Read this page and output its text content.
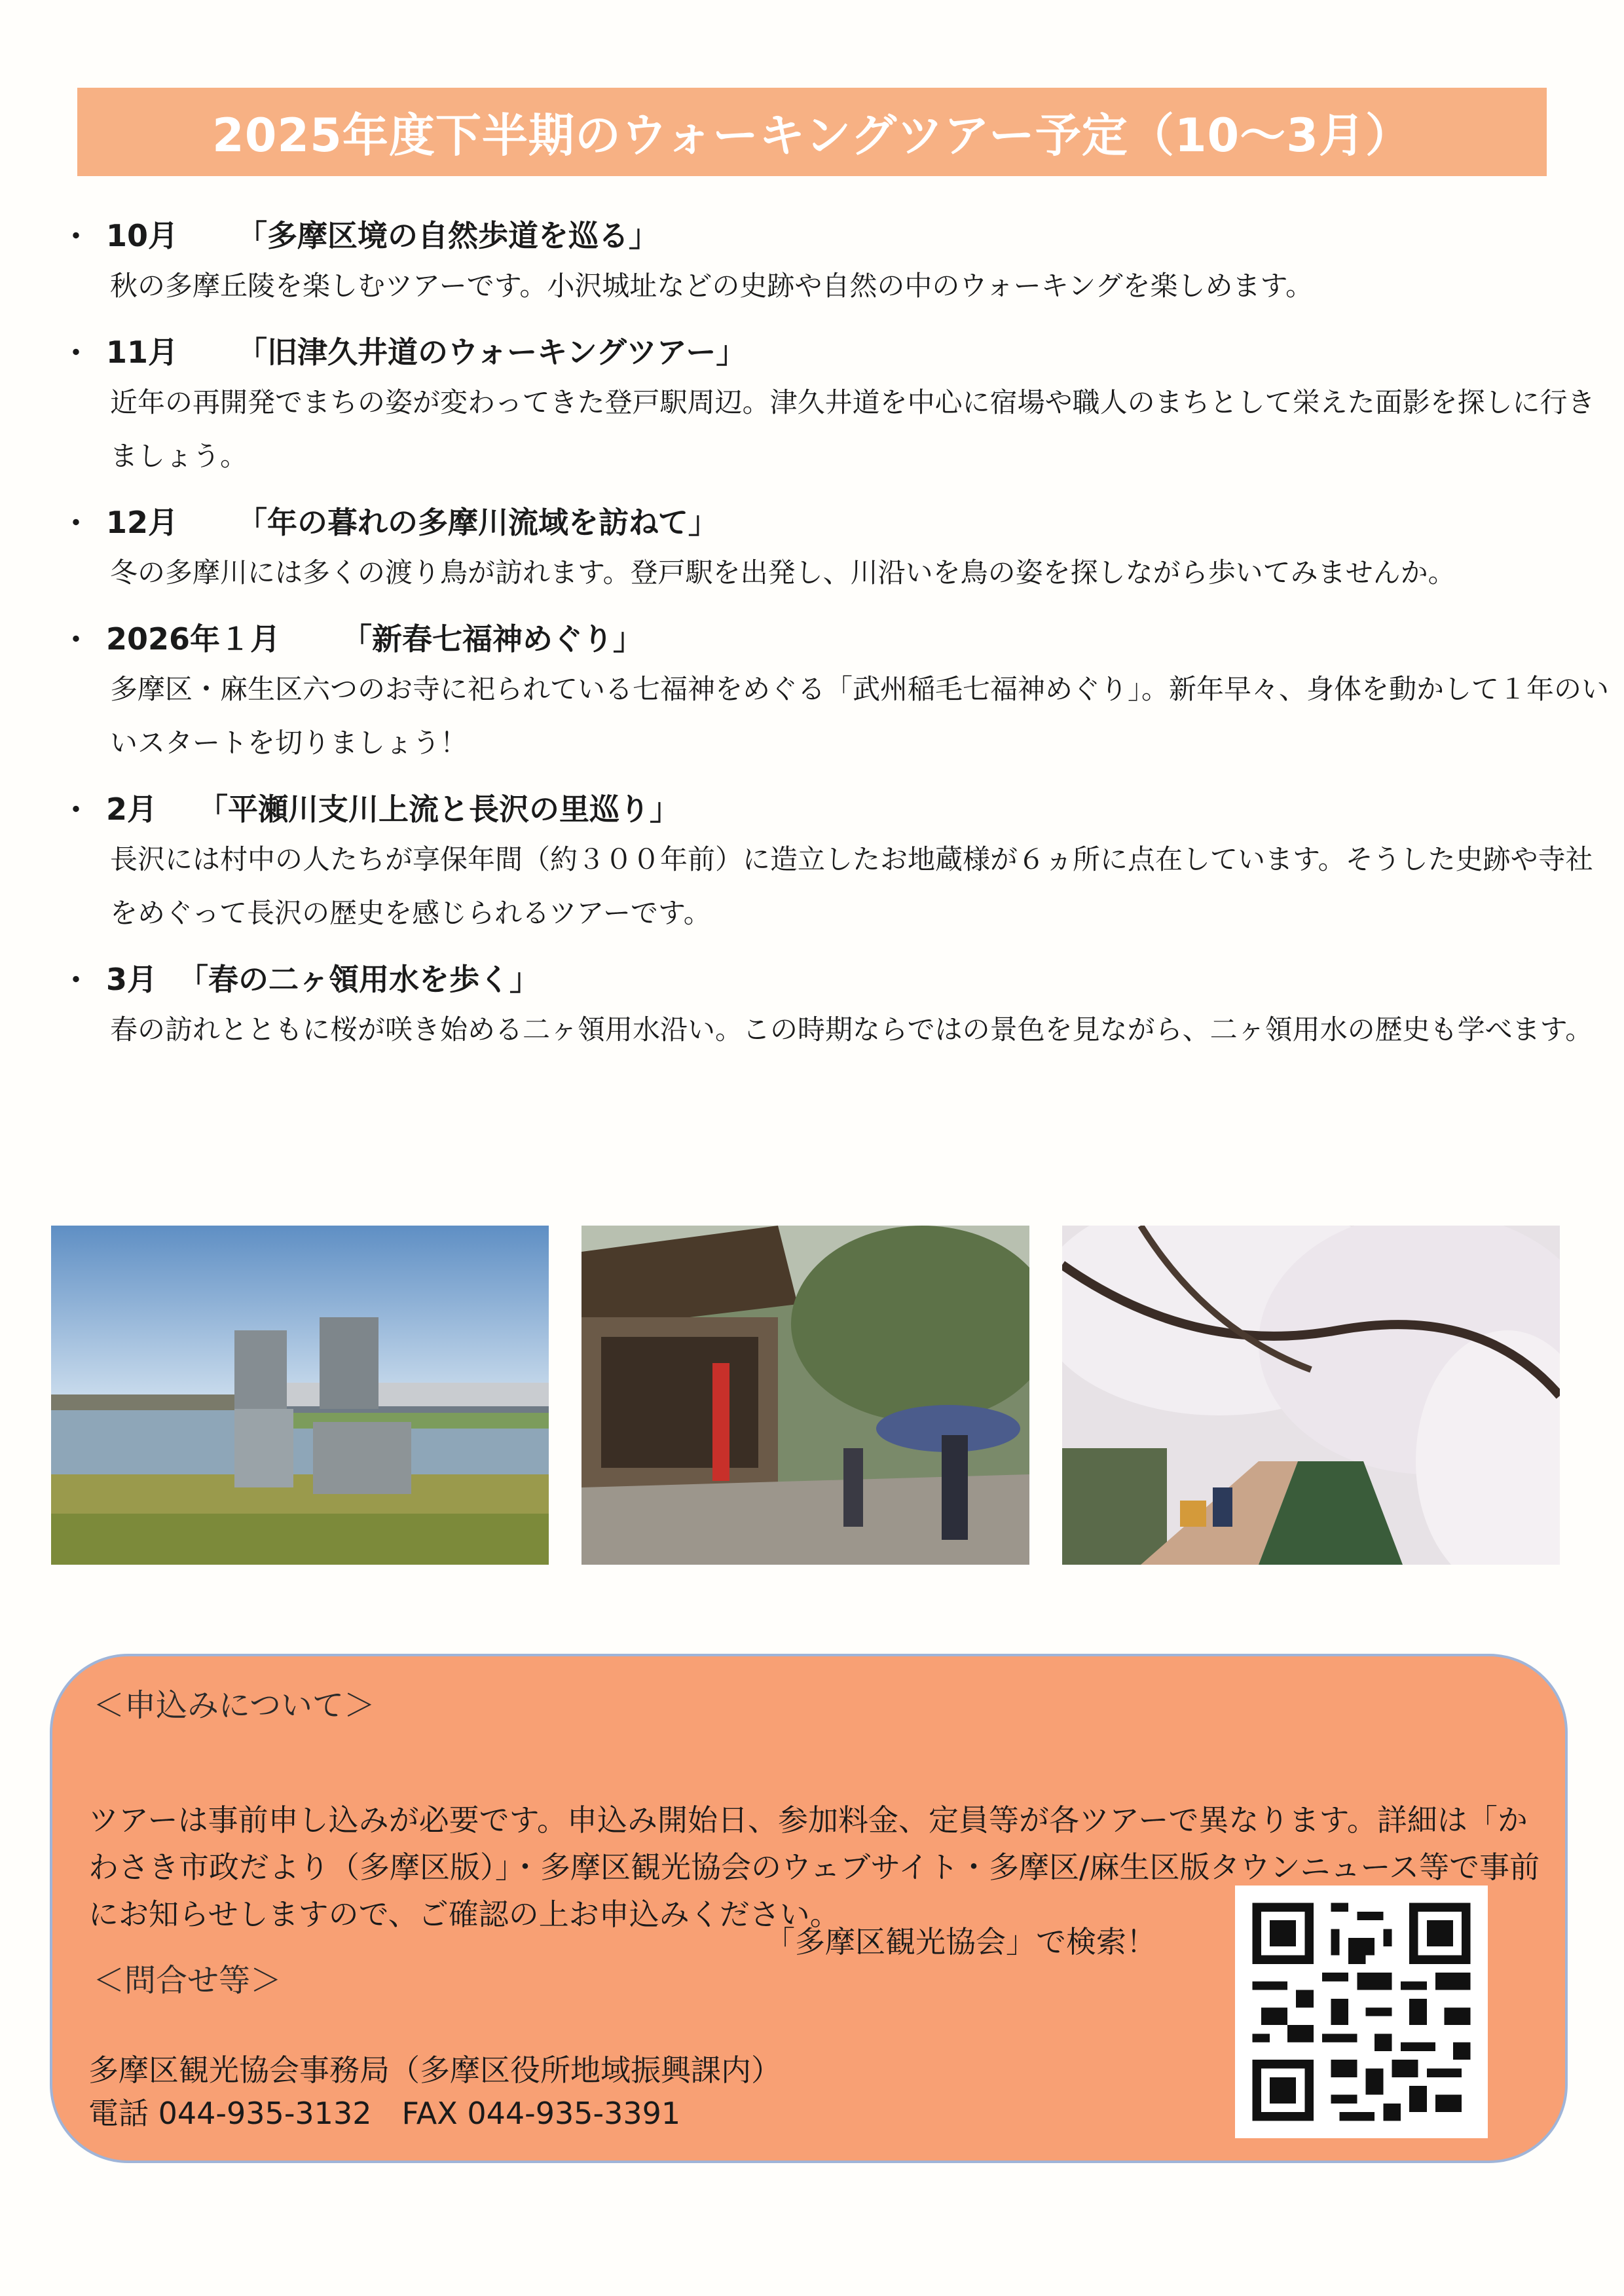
2025年度下半期のウォーキングツアー予定（10～3月）
・ 10月	「多摩区境の自然歩道を巡る」

秋の多摩丘陵を楽しむツアーです。小沢城址などの史跡や自然の中のウォーキングを楽しめます。

・ 11月	「旧津久井道のウォーキングツアー」

近年の再開発でまちの姿が変わってきた登戸駅周辺。津久井道を中心に宿場や職人のまちとして栄えた面影を探しに行きましょう。

・ 12月	「年の暮れの多摩川流域を訪ねて」

冬の多摩川には多くの渡り鳥が訪れます。登戸駅を出発し、川沿いを鳥の姿を探しながら歩いてみませんか。

・ 2026年１月	「新春七福神めぐり」

多摩区・麻生区六つのお寺に祀られている七福神をめぐる「武州稲毛七福神めぐり」。新年早々、身体を動かして１年のいいスタートを切りましょう！

・ 2月	「平瀬川支川上流と長沢の里巡り」

長沢には村中の人たちが享保年間（約３００年前）に造立したお地蔵様が６ヵ所に点在しています。そうした史跡や寺社をめぐって長沢の歴史を感じられるツアーです。

・ 3月 「春の二ヶ領用水を歩く」

春の訪れとともに桜が咲き始める二ヶ領用水沿い。この時期ならではの景色を見ながら、二ヶ領用水の歴史も学べます。

＜申込みについて＞
ツアーは事前申し込みが必要です。申込み開始日、参加料金、定員等が各ツアーで異なります。詳細は「かわさき市政だより（多摩区版）」・多摩区観光協会のウェブサイト・多摩区/麻生区版タウンニュース等で事前にお知らせしますので、ご確認の上お申込みください。
「多摩区観光協会」で検索！
＜問合せ等＞
多摩区観光協会事務局（多摩区役所地域振興課内）
電話 044-935-3132　FAX 044-935-3391
